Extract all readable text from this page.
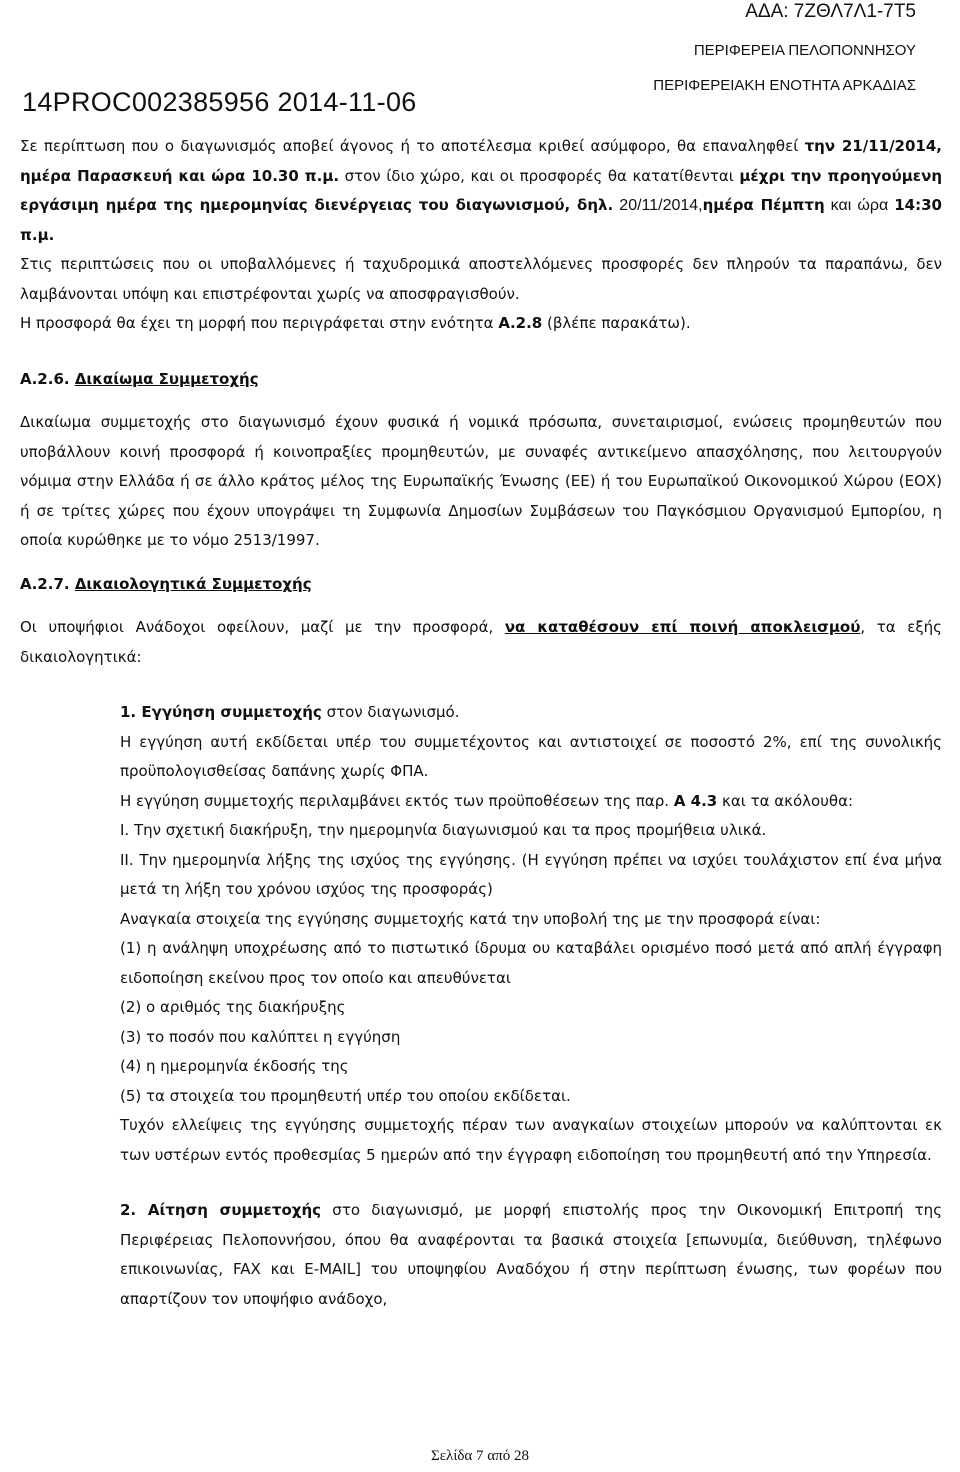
ΑΔΑ: 7ΖΘΛ7Λ1-7Τ5
ΠΕΡΙΦΕΡΕΙΑ ΠΕΛΟΠΟΝΝΗΣΟΥ
ΠΕΡΙΦΕΡΕΙΑΚΗ ΕΝΟΤΗΤΑ ΑΡΚΑΔΙΑΣ
14PROC002385956 2014-11-06

Σε περίπτωση που ο διαγωνισμός αποβεί άγονος ή το αποτέλεσμα κριθεί ασύμφορο, θα επαναληφθεί την 21/11/2014, ημέρα Παρασκευή και ώρα 10.30 π.μ. στον ίδιο χώρο, και οι προσφορές θα κατατίθενται μέχρι την προηγούμενη εργάσιμη ημέρα της ημερομηνίας διενέργειας του διαγωνισμού, δηλ. 20/11/2014,ημέρα Πέμπτη και ώρα 14:30 π.μ.

Στις περιπτώσεις που οι υποβαλλόμενες ή ταχυδρομικά αποστελλόμενες προσφορές δεν πληρούν τα παραπάνω, δεν λαμβάνονται υπόψη και επιστρέφονται χωρίς να αποσφραγισθούν.

Η προσφορά θα έχει τη μορφή που περιγράφεται στην ενότητα Α.2.8 (βλέπε παρακάτω).

Α.2.6. Δικαίωμα Συμμετοχής

Δικαίωμα συμμετοχής στο διαγωνισμό έχουν φυσικά ή νομικά πρόσωπα, συνεταιρισμοί, ενώσεις προμηθευτών που υποβάλλουν κοινή προσφορά ή κοινοπραξίες προμηθευτών, με συναφές αντικείμενο απασχόλησης, που λειτουργούν νόμιμα στην Ελλάδα ή σε άλλο κράτος μέλος της Ευρωπαϊκής Ένωσης (ΕΕ) ή του Ευρωπαϊκού Οικονομικού Χώρου (ΕΟΧ) ή σε τρίτες χώρες που έχουν υπογράψει τη Συμφωνία Δημοσίων Συμβάσεων του Παγκόσμιου Οργανισμού Εμπορίου, η οποία κυρώθηκε με το νόμο 2513/1997.

Α.2.7. Δικαιολογητικά Συμμετοχής

Οι υποψήφιοι Ανάδοχοι οφείλουν, μαζί με την προσφορά, να καταθέσουν επί ποινή αποκλεισμού, τα εξής δικαιολογητικά:

1. Εγγύηση συμμετοχής στον διαγωνισμό.

Η εγγύηση αυτή εκδίδεται υπέρ του συμμετέχοντος και αντιστοιχεί σε ποσοστό 2%, επί της συνολικής προϋπολογισθείσας δαπάνης χωρίς ΦΠΑ.

Η εγγύηση συμμετοχής περιλαμβάνει εκτός των προϋποθέσεων της παρ. Α 4.3 και τα ακόλουθα:

Ι. Την σχετική διακήρυξη, την ημερομηνία διαγωνισμού και τα προς προμήθεια υλικά.

ΙΙ. Την ημερομηνία λήξης της ισχύος της εγγύησης. (Η εγγύηση πρέπει να ισχύει τουλάχιστον επί ένα μήνα μετά τη λήξη του χρόνου ισχύος της προσφοράς)

Αναγκαία στοιχεία της εγγύησης συμμετοχής κατά την υποβολή της με την προσφορά είναι:

(1) η ανάληψη υποχρέωσης από το πιστωτικό ίδρυμα ου καταβάλει ορισμένο ποσό μετά από απλή έγγραφη ειδοποίηση εκείνου προς τον οποίο και απευθύνεται

(2) ο αριθμός της διακήρυξης

(3) το ποσόν που καλύπτει η εγγύηση

(4) η ημερομηνία έκδοσής της

(5) τα στοιχεία του προμηθευτή υπέρ του οποίου εκδίδεται.

Τυχόν ελλείψεις της εγγύησης συμμετοχής πέραν των αναγκαίων στοιχείων μπορούν να καλύπτονται εκ των υστέρων εντός προθεσμίας 5 ημερών από την έγγραφη ειδοποίηση του προμηθευτή από την Υπηρεσία.

2. Αίτηση συμμετοχής στο διαγωνισμό, με μορφή επιστολής προς την Οικονομική Επιτροπή της Περιφέρειας Πελοποννήσου, όπου θα αναφέρονται τα βασικά στοιχεία [επωνυμία, διεύθυνση, τηλέφωνο επικοινωνίας, FAX και E-MAIL] του υποψηφίου Αναδόχου ή στην περίπτωση ένωσης, των φορέων που απαρτίζουν τον υποψήφιο ανάδοχο,

Σελίδα 7 από 28
